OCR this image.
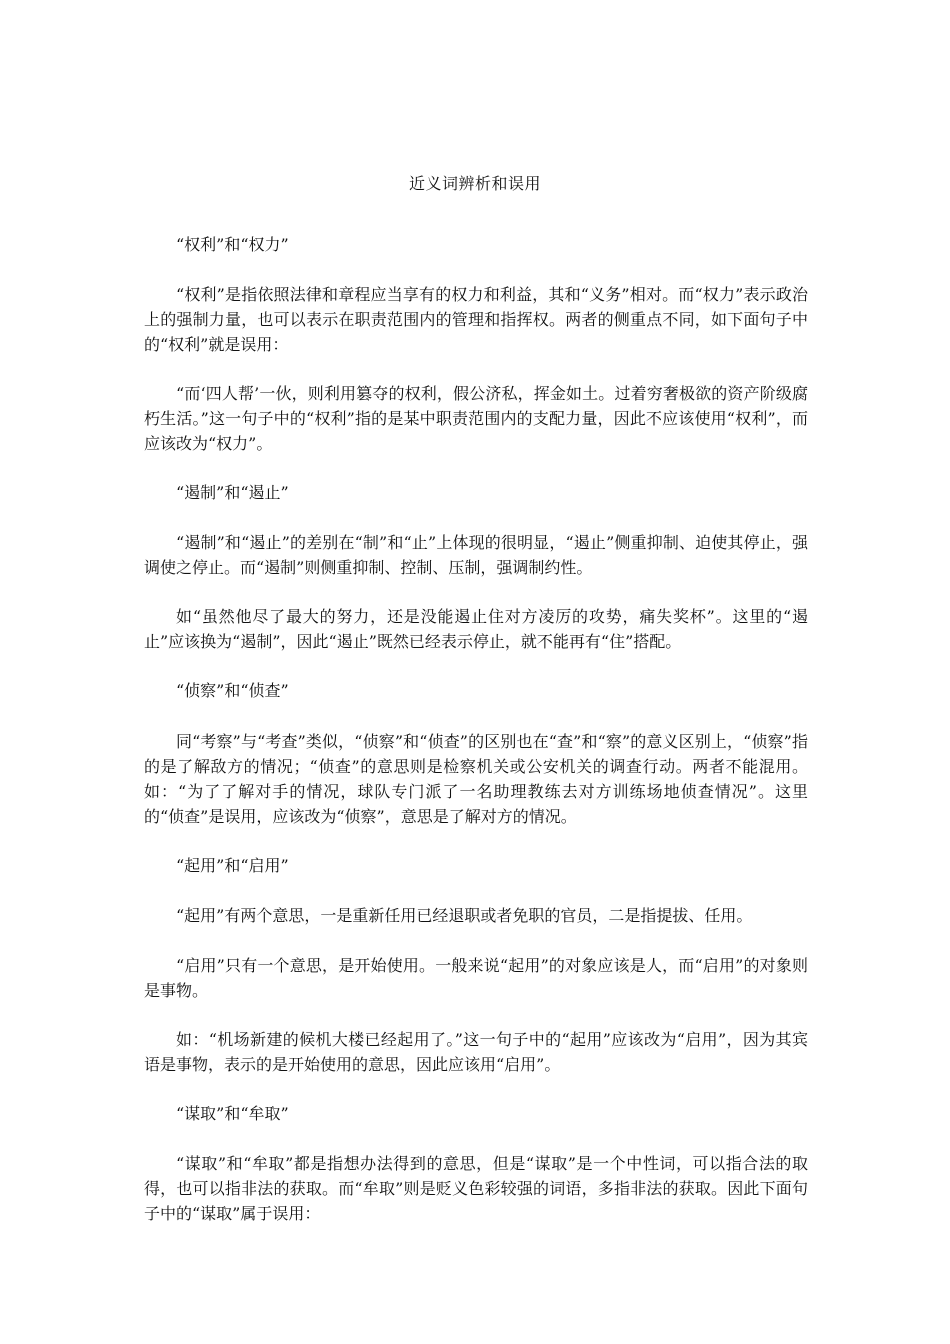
近义词辨析和误用
“权利”和“权力”
“权利”是指依照法律和章程应当享有的权力和利益，其和“义务”相对。而“权力”表示政治上的强制力量，也可以表示在职责范围内的管理和指挥权。两者的侧重点不同，如下面句子中的“权利”就是误用：
“而‘四人帮’一伙，则利用篡夺的权利，假公济私，挥金如土。过着穷奢极欲的资产阶级腐朽生活。”这一句子中的“权利”指的是某中职责范围内的支配力量，因此不应该使用“权利”，而应该改为“权力”。
“遏制”和“遏止”
“遏制”和“遏止”的差别在“制”和“止”上体现的很明显，“遏止”侧重抑制、迫使其停止，强调使之停止。而“遏制”则侧重抑制、控制、压制，强调制约性。
如“虽然他尽了最大的努力，还是没能遏止住对方凌厉的攻势，痛失奖杯”。这里的“遏止”应该换为“遏制”，因此“遏止”既然已经表示停止，就不能再有“住”搭配。
“侦察”和“侦查”
同“考察”与“考查”类似，“侦察”和“侦查”的区别也在“查”和“察”的意义区别上，“侦察”指的是了解敌方的情况；“侦查”的意思则是检察机关或公安机关的调查行动。两者不能混用。如：“为了了解对手的情况，球队专门派了一名助理教练去对方训练场地侦查情况”。这里的“侦查”是误用，应该改为“侦察”，意思是了解对方的情况。
“起用”和“启用”
“起用”有两个意思，一是重新任用已经退职或者免职的官员，二是指提拔、任用。
“启用”只有一个意思，是开始使用。一般来说“起用”的对象应该是人，而“启用”的对象则是事物。
如：“机场新建的候机大楼已经起用了。”这一句子中的“起用”应该改为“启用”，因为其宾语是事物，表示的是开始使用的意思，因此应该用“启用”。
“谋取”和“牟取”
“谋取”和“牟取”都是指想办法得到的意思，但是“谋取”是一个中性词，可以指合法的取得，也可以指非法的获取。而“牟取”则是贬义色彩较强的词语，多指非法的获取。因此下面句子中的“谋取”属于误用：
